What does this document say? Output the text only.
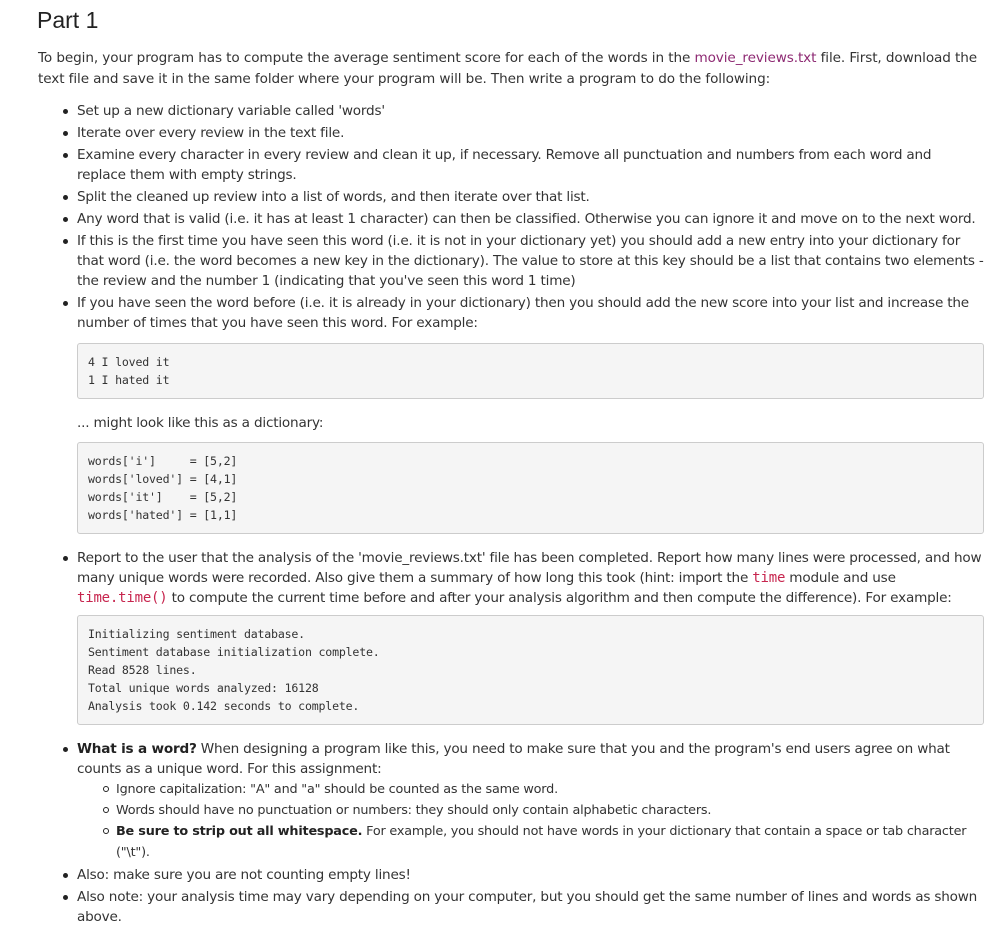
Part 1

To begin, your program has to compute the average sentiment score for each of the words in the movie_reviews.txt file. First, download the text file and save it in the same folder where your program will be. Then write a program to do the following:

Set up a new dictionary variable called 'words'
Iterate over every review in the text file.
Examine every character in every review and clean it up, if necessary. Remove all punctuation and numbers from each word and replace them with empty strings.
Split the cleaned up review into a list of words, and then iterate over that list.
Any word that is valid (i.e. it has at least 1 character) can then be classified. Otherwise you can ignore it and move on to the next word.
If this is the first time you have seen this word (i.e. it is not in your dictionary yet) you should add a new entry into your dictionary for that word (i.e. the word becomes a new key in the dictionary). The value to store at this key should be a list that contains two elements - the review and the number 1 (indicating that you've seen this word 1 time)
If you have seen the word before (i.e. it is already in your dictionary) then you should add the new score into your list and increase the number of times that you have seen this word. For example:
4 I loved it
1 I hated it
... might look like this as a dictionary:
words['i']     = [5,2]
words['loved'] = [4,1]
words['it']    = [5,2]
words['hated'] = [1,1]
Report to the user that the analysis of the 'movie_reviews.txt' file has been completed. Report how many lines were processed, and how many unique words were recorded. Also give them a summary of how long this took (hint: import the time module and use time.time() to compute the current time before and after your analysis algorithm and then compute the difference). For example:
Initializing sentiment database.
Sentiment database initialization complete.
Read 8528 lines.
Total unique words analyzed: 16128
Analysis took 0.142 seconds to complete.
What is a word? When designing a program like this, you need to make sure that you and the program's end users agree on what counts as a unique word. For this assignment:
Ignore capitalization: "A" and "a" should be counted as the same word.
Words should have no punctuation or numbers: they should only contain alphabetic characters.
Be sure to strip out all whitespace. For example, you should not have words in your dictionary that contain a space or tab character ("\t").
Also: make sure you are not counting empty lines!
Also note: your analysis time may vary depending on your computer, but you should get the same number of lines and words as shown above.
